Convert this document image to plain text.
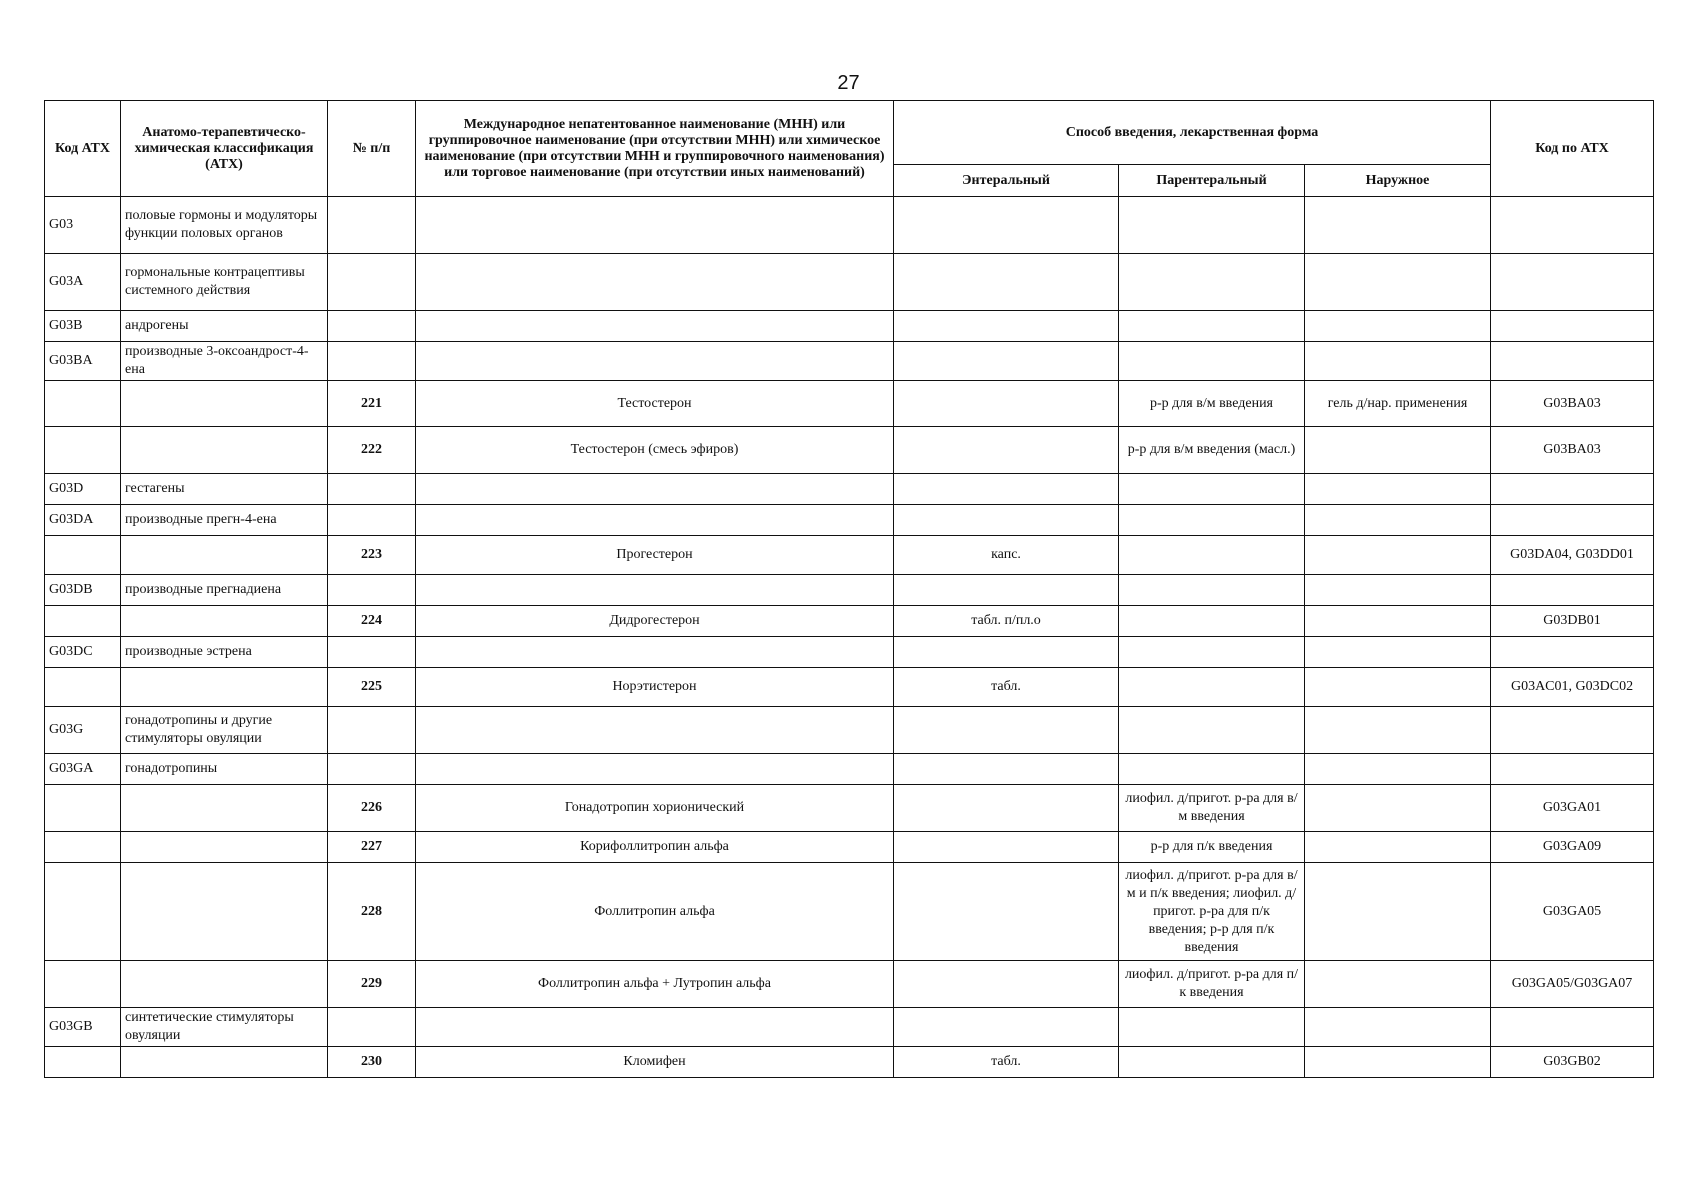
27
Код АТХ	Анатомо-терапевтическо-химическая классификация (АТХ)	№ п/п	Международное непатентованное наименование (МНН) или группировочное наименование (при отсутствии МНН) или химическое наименование (при отсутствии МНН и группировочного наименования) или торговое наименование (при отсутствии иных наименований)	Способ введения, лекарственная форма			Код по АТХ
				Энтеральный	Парентеральный	Наружное	
G03	половые гормоны и модуляторы функции половых органов						
G03A	гормональные контрацептивы системного действия						
G03B	андрогены						
G03BA	производные 3-оксоандрост-4-ена						
		221	Тестостерон		р-р для в/м введения	гель д/нар. применения	G03BA03
		222	Тестостерон (смесь эфиров)		р-р для в/м введения (масл.)		G03BA03
G03D	гестагены						
G03DA	производные прегн-4-ена						
		223	Прогестерон	капс.			G03DA04, G03DD01
G03DB	производные прегнадиена						
		224	Дидрогестерон	табл. п/пл.о			G03DB01
G03DC	производные эстрена						
		225	Норэтистерон	табл.			G03AC01, G03DC02
G03G	гонадотропины и другие стимуляторы овуляции						
G03GA	гонадотропины						
		226	Гонадотропин хорионический		лиофил. д/пригот. р-ра для в/м введения		G03GA01
		227	Корифоллитропин альфа		р-р для п/к введения		G03GA09
		228	Фоллитропин альфа		лиофил. д/пригот. р-ра для в/м и п/к введения; лиофил. д/пригот. р-ра для п/к введения; р-р для п/к введения		G03GA05
		229	Фоллитропин альфа + Лутропин альфа		лиофил. д/пригот. р-ра для п/к введения		G03GA05/G03GA07
G03GB	синтетические стимуляторы овуляции						
		230	Кломифен	табл.			G03GB02
